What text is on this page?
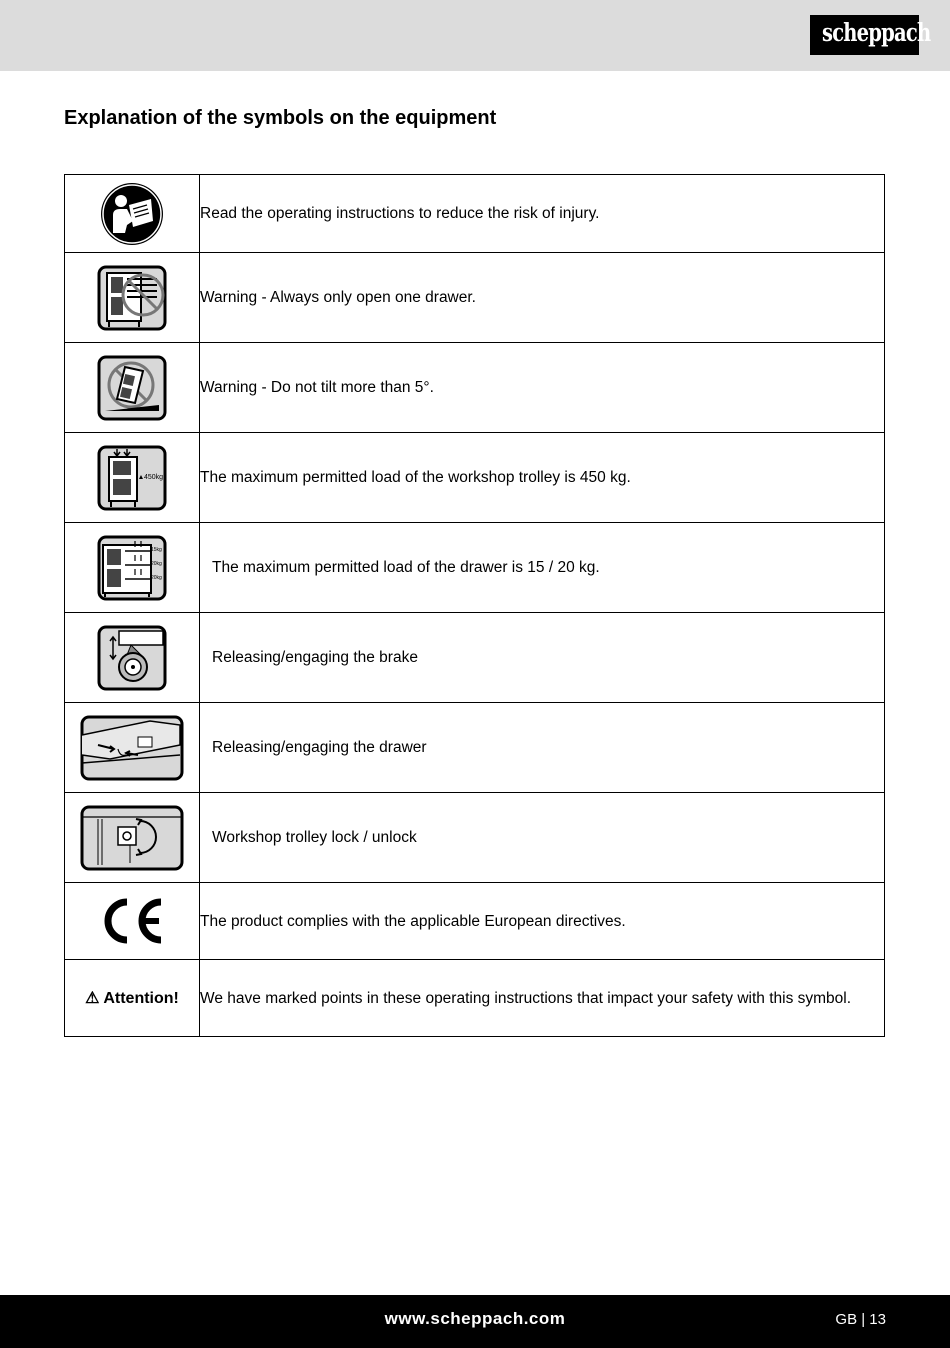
scheppach
Explanation of the symbols on the equipment
	Read the operating instructions to reduce the risk of injury.

	Warning - Always only open one drawer.

	Warning - Do not tilt more than 5°.

450kg	The maximum permitted load of the workshop trolley is 450 kg.

15kg
20kg
20kg	The maximum permitted load of the drawer is 15 / 20 kg.

	Releasing/engaging the brake

	Releasing/engaging the drawer

	Workshop trolley lock / unlock

	The product complies with the applicable European directives.
⚠ Attention!	We have marked points in these operating instructions that impact your safety with this symbol.
www.scheppach.com	GB | 13
